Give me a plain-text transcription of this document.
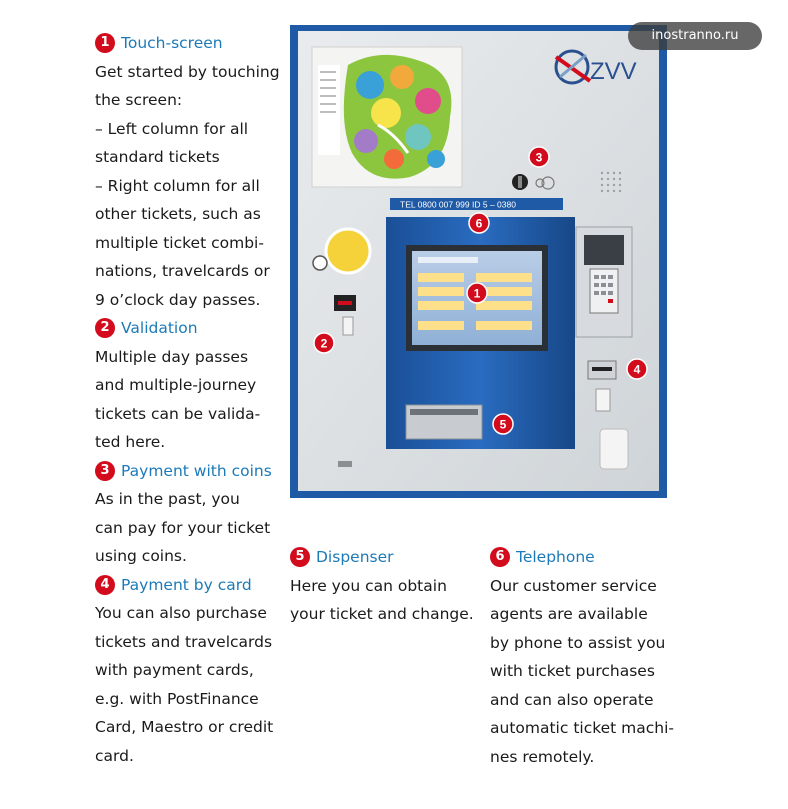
1 Touch-screen
Get started by touching
the screen:
– Left column for all
standard tickets
– Right column for all
other tickets, such as
multiple ticket combi-
nations, travelcards or
9 o’clock day passes.
2 Validation
Multiple day passes
and multiple-journey
tickets can be valida-
ted here.
3 Payment with coins
As in the past, you
can pay for your ticket
using coins.
4 Payment by card
You can also purchase
tickets and travelcards
with payment cards,
e.g. with PostFinance
Card, Maestro or credit
card.
5 Dispenser
Here you can obtain
your ticket and change.
6 Telephone
Our customer service
agents are available
by phone to assist you
with ticket purchases
and can also operate
automatic ticket machi-
nes remotely.
ZVV
TEL 0800 007 999 ID 5 – 0380
1
2
3
4
5
6
inostranno.ru
